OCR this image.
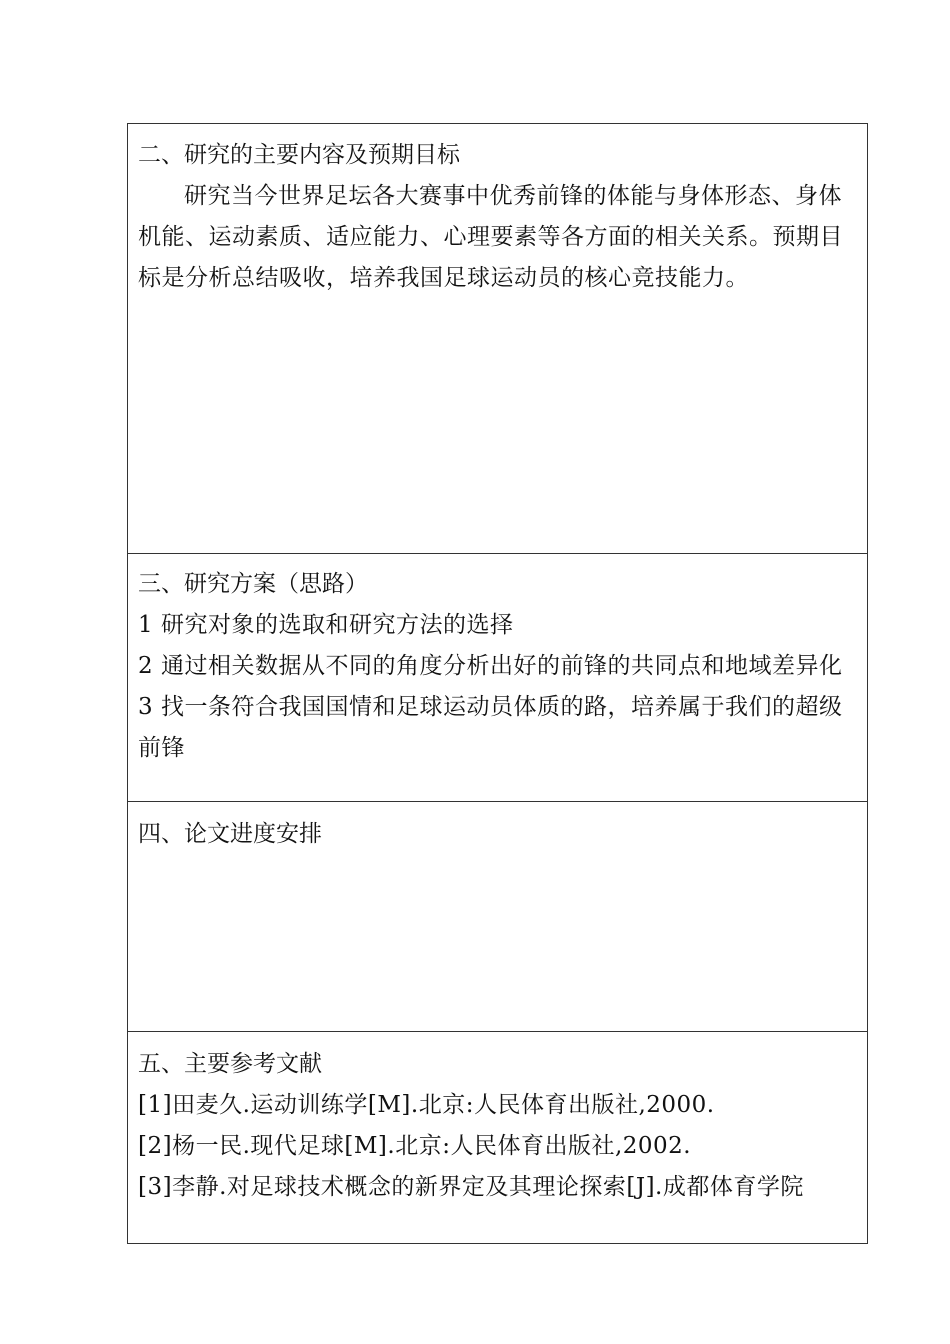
二、研究的主要内容及预期目标
研究当今世界足坛各大赛事中优秀前锋的体能与身体形态、身体机能、运动素质、适应能力、心理要素等各方面的相关关系。预期目标是分析总结吸收，培养我国足球运动员的核心竞技能力。
三、研究方案（思路）
1 研究对象的选取和研究方法的选择
2 通过相关数据从不同的角度分析出好的前锋的共同点和地域差异化
3 找一条符合我国国情和足球运动员体质的路，培养属于我们的超级前锋
四、论文进度安排
五、主要参考文献
[1]田麦久.运动训练学[M].北京:人民体育出版社,2000.
[2]杨一民.现代足球[M].北京:人民体育出版社,2002.
[3]李静.对足球技术概念的新界定及其理论探索[J].成都体育学院
